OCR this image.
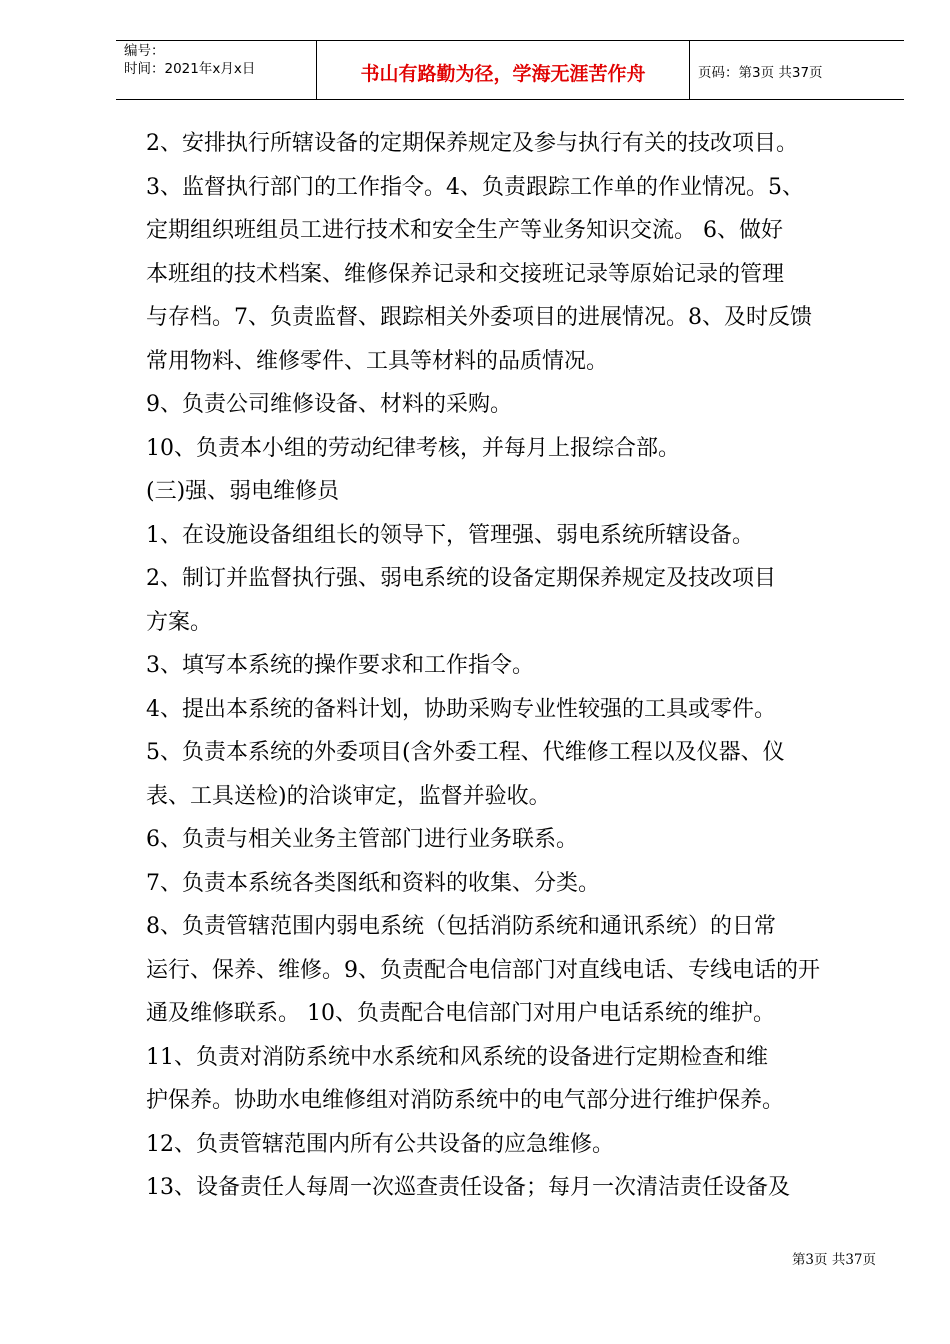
编号：
时间：2021年x月x日	书山有路勤为径，学海无涯苦作舟	页码：第3页 共37页

2、安排执行所辖设备的定期保养规定及参与执行有关的技改项目。

3、监督执行部门的工作指令。4、负责跟踪工作单的作业情况。5、

定期组织班组员工进行技术和安全生产等业务知识交流。 6、做好

本班组的技术档案、维修保养记录和交接班记录等原始记录的管理

与存档。7、负责监督、跟踪相关外委项目的进展情况。8、及时反馈

常用物料、维修零件、工具等材料的品质情况。

9、负责公司维修设备、材料的采购。

10、负责本小组的劳动纪律考核，并每月上报综合部。

(三)强、弱电维修员

1、在设施设备组组长的领导下，管理强、弱电系统所辖设备。

2、制订并监督执行强、弱电系统的设备定期保养规定及技改项目

方案。

3、填写本系统的操作要求和工作指令。

4、提出本系统的备料计划，协助采购专业性较强的工具或零件。

5、负责本系统的外委项目(含外委工程、代维修工程以及仪器、仪

表、工具送检)的洽谈审定，监督并验收。

6、负责与相关业务主管部门进行业务联系。

7、负责本系统各类图纸和资料的收集、分类。

8、负责管辖范围内弱电系统（包括消防系统和通讯系统）的日常

运行、保养、维修。9、负责配合电信部门对直线电话、专线电话的开

通及维修联系。 10、负责配合电信部门对用户电话系统的维护。

11、负责对消防系统中水系统和风系统的设备进行定期检查和维

护保养。协助水电维修组对消防系统中的电气部分进行维护保养。

12、负责管辖范围内所有公共设备的应急维修。

13、设备责任人每周一次巡查责任设备；每月一次清洁责任设备及

第3页 共37页
